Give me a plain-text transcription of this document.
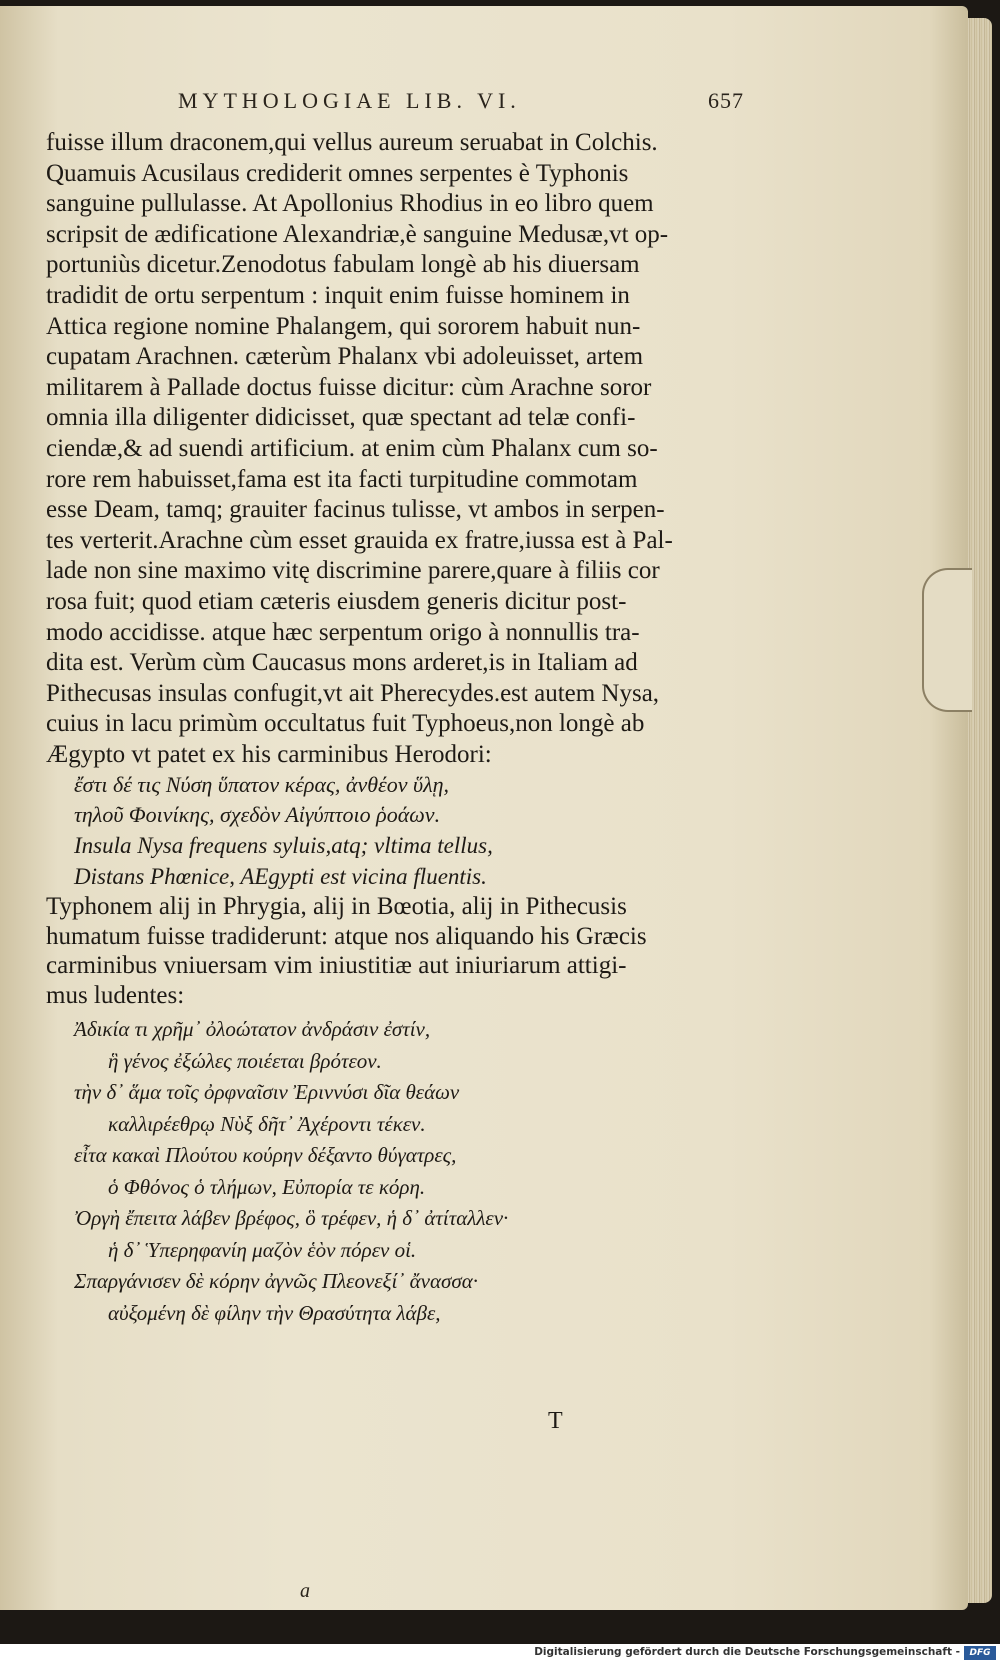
MYTHOLOGIAE LIB. VI.	657
fuisse illum draconem,qui vellus aureum seruabat in Colchis.
Quamuis Acusilaus crediderit omnes serpentes è Typhonis
sanguine pullulasse. At Apollonius Rhodius in eo libro quem
scripsit de ædificatione Alexandriæ,è sanguine Medusæ,vt op-
portuniùs dicetur.Zenodotus fabulam longè ab his diuersam
tradidit de ortu serpentum : inquit enim fuisse hominem in
Attica regione nomine Phalangem, qui sororem habuit nun-
cupatam Arachnen. cæterùm Phalanx vbi adoleuisset, artem
militarem à Pallade doctus fuisse dicitur: cùm Arachne soror
omnia illa diligenter didicisset, quæ spectant ad telæ confi-
ciendæ,& ad suendi artificium. at enim cùm Phalanx cum so-
rore rem habuisset,fama est ita facti turpitudine commotam
esse Deam, tamq; grauiter facinus tulisse, vt ambos in serpen-
tes verterit.Arachne cùm esset grauida ex fratre,iussa est à Pal-
lade non sine maximo vitę discrimine parere,quare à filiis cor
rosa fuit; quod etiam cæteris eiusdem generis dicitur post-
modo accidisse. atque hæc serpentum origo à nonnullis tra-
dita est. Verùm cùm Caucasus mons arderet,is in Italiam ad
Pithecusas insulas confugit,vt ait Pherecydes.est autem Nysa,
cuius in lacu primùm occultatus fuit Typhoeus,non longè ab
Ægypto vt patet ex his carminibus Herodori:
ἔστι δέ τις Νύση ὕπατον κέρας, ἀνθέον ὕλῃ,
τηλοῦ Φοινίκης, σχεδὸν Αἰγύπτοιο ῥοάων.
Insula Nysa frequens syluis,atq; vltima tellus,
Distans Phœnice, AEgypti est vicina fluentis.
Typhonem alij in Phrygia, alij in Bœotia, alij in Pithecusis
humatum fuisse tradiderunt: atque nos aliquando his Græcis
carminibus vniuersam vim iniustitiæ aut iniuriarum attigi-
mus ludentes:
Ἀδικία τι χρῆμ᾽ ὀλοώτατον ἀνδράσιν ἐστίν,
ἣ γένος ἐξώλες ποιέεται βρότεον.
τὴν δ᾽ ἅμα τοῖς ὀρφναῖσιν Ἐριννύσι δῖα θεάων
καλλιρέεθρῳ Νὺξ δῆτ᾽ Ἀχέροντι τέκεν.
εἶτα κακαὶ Πλούτου κούρην δέξαντο θύγατρες,
ὁ Φθόνος ὁ τλήμων, Εὐπορία τε κόρη.
Ὀργὴ ἔπειτα λάβεν βρέφος, ὃ τρέφεν, ἡ δ᾽ ἀτίταλλεν·
ἡ δ᾽ Ὑπερηφανίη μαζὸν ἑὸν πόρεν οἱ.
Σπαργάνισεν δὲ κόρην ἀγνῶς Πλεονεξί᾽ ἄνασσα·
αὐξομένη δὲ φίλην τὴν Θρασύτητα λάβε,
T
a
Digitalisierung gefördert durch die Deutsche Forschungsgemeinschaft -	DFG
